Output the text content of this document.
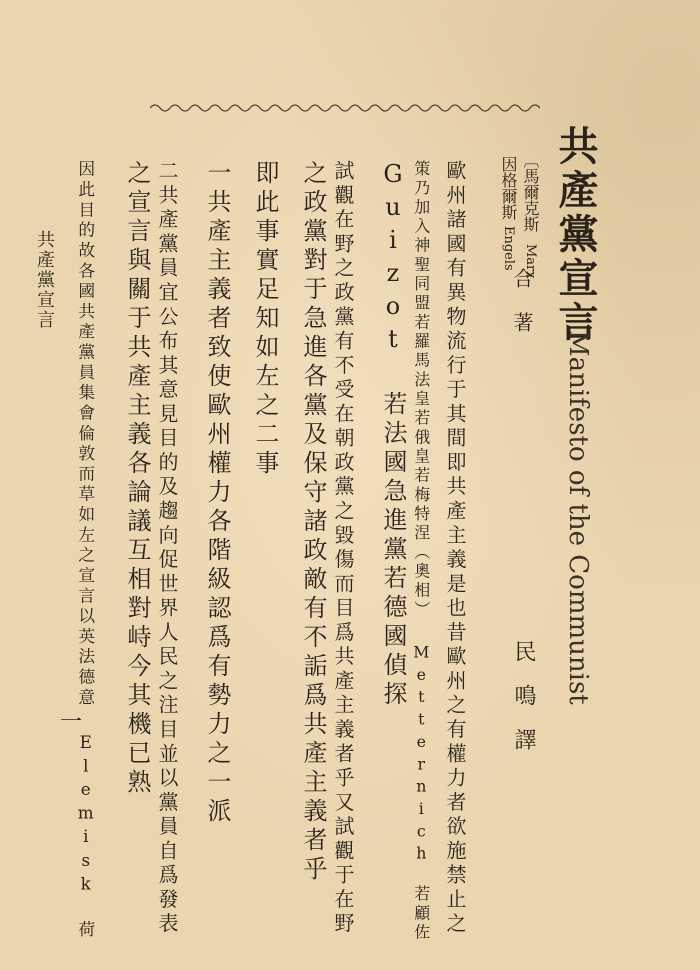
共產黨宣言
Manifesto of the Communist
〔馬爾克斯
Marx
因格爾斯
Engels
合 著
民鳴譯
歐州諸國有異物流行于其間即共產主義是也昔歐州之有權力者欲施禁止之
策乃加入神聖同盟若羅馬法皇若俄皇若梅特涅（奧相） Metternich　若顧佐
Guizot 若法國急進黨若德國偵探
試觀在野之政黨有不受在朝政黨之毀傷而目爲共產主義者乎又試觀于在野
之政黨對于急進各黨及保守諸政敵有不詬爲共產主義者乎
即此事實足知如左之二事
一共產主義者致使歐州權力各階級認爲有勢力之一派
二共產黨員宜公布其意見目的及趨向促世界人民之注目並以黨員自爲發表
之宣言與關于共產主義各論議互相對峙今其機已熟
因此目的故各國共產黨員集會倫敦而草如左之宣言以英法德意 Elemisk 荷
共產黨宣言
一
